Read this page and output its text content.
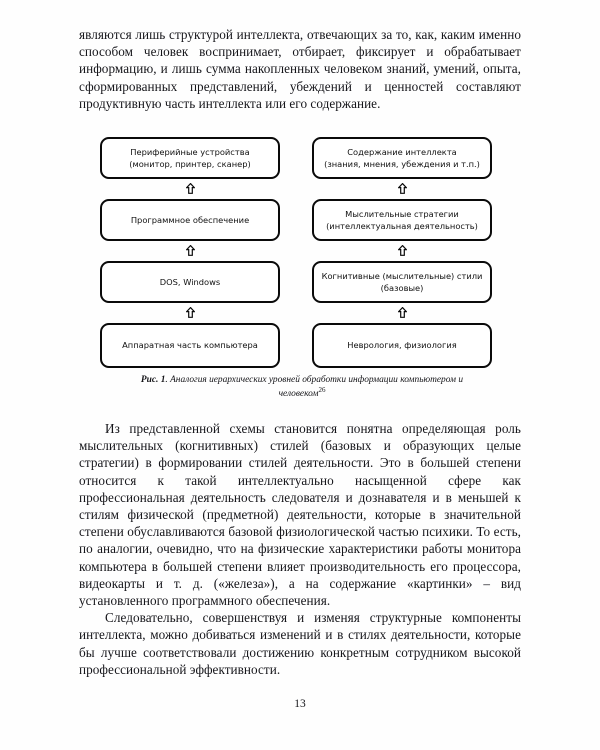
являются лишь структурой интеллекта, отвечающих за то, как, каким именно способом человек воспринимает, отбирает, фиксирует и обрабатывает информацию, и лишь сумма накопленных человеком знаний, умений, опыта, сформированных представлений, убеждений и ценностей составляют продуктивную часть интеллекта или его содержание.

Периферийные устройства
(монитор, принтер, сканер)
Программное обеспечение
DOS, Windows
Аппаратная часть компьютера
Содержание интеллекта
(знания, мнения, убеждения и т.п.)
Мыслительные стратегии
(интеллектуальная деятельность)
Когнитивные (мыслительные) стили
(базовые)
Неврология, физиология
Рис. 1. Аналогия иерархических уровней обработки информации компьютером и человеком$^{26}$

Из представленной схемы становится понятна определяющая роль мыслительных (когнитивных) стилей (базовых и образующих целые стратегии) в формировании стилей деятельности. Это в большей степени относится к такой интеллектуально насыщенной сфере как профессиональная деятельность следователя и дознавателя и в меньшей к стилям физической (предметной) деятельности, которые в значительной степени обуславливаются базовой физиологической частью психики. То есть, по аналогии, очевидно, что на физические характеристики работы монитора компьютера в большей степени влияет производительность его процессора, видеокарты и т. д. («железа»), а на содержание «картинки» – вид установленного программного обеспечения.

Следовательно, совершенствуя и изменяя структурные компоненты интеллекта, можно добиваться изменений и в стилях деятельности, которые бы лучше соответствовали достижению конкретным сотрудником высокой профессиональной эффективности.

13
